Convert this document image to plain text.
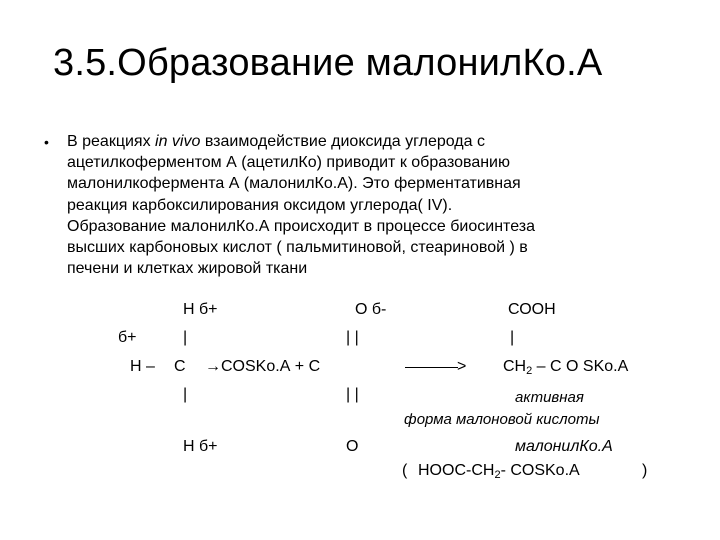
3.5.Образование малонилКо.А
• В реакциях in vivo взаимодействие диоксида углерода с
ацетилкоферментом А (ацетилКо) приводит к образованию
малонилкофермента А (малонилКо.А). Это ферментативная
реакция карбоксилирования оксидом углерода( IV).
Образование малонилКо.А происходит в процессе биосинтеза
высших карбоновых кислот ( пальмитиновой, стеариновой ) в
печени и клетках жировой ткани
Н б+	О б-	СООН
б+	|	| |	|
Н – С →COSKо.А + С	> $СН_2$ – С О SKо.А
|	| |	активная
форма малоновой кислоты
Н б+	О	малонилКо.А
( НООС-$СН_2-$ COSKо.А	)
